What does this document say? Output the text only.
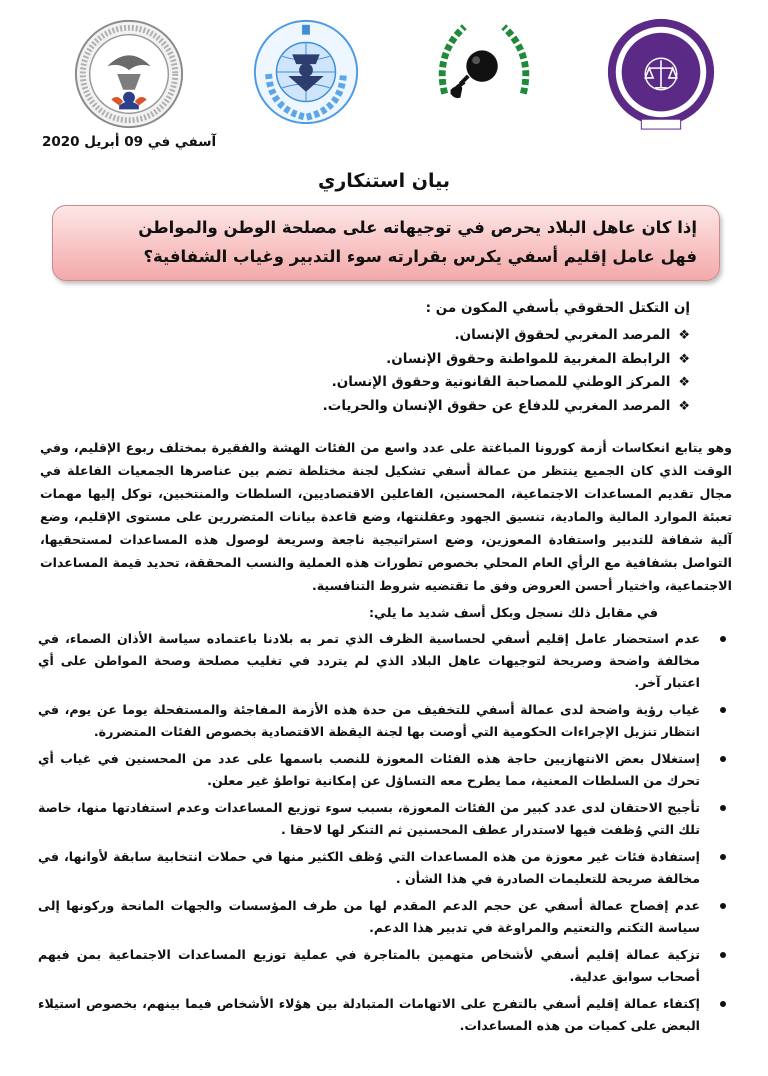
آسفي في 09 أبريل 2020
بيان استنكاري
إذا كان عاهل البلاد يحرص في توجيهاته على مصلحة الوطن والمواطن
فهل عامل إقليم أسفي يكرس بقرارته سوء التدبير وغياب الشفافية؟
إن التكتل الحقوقي بأسفي المكون من :
❖المرصد المغربي لحقوق الإنسان.
❖الرابطة المغربية للمواطنة وحقوق الإنسان.
❖المركز الوطني للمصاحبة القانونية وحقوق الإنسان.
❖المرصد المغربي للدفاع عن حقوق الإنسان والحريات.
وهو يتابع انعكاسات أزمة كورونا المباغتة على عدد واسع من الفئات الهشة والفقيرة بمختلف ربوع الإقليم، وفي الوقت الذي كان الجميع ينتظر من عمالة أسفي تشكيل لجنة مختلطة تضم بين عناصرها الجمعيات الفاعلة في مجال تقديم المساعدات الاجتماعية، المحسنين، الفاعلين الاقتصاديين، السلطات والمنتخبين، توكل إليها مهمات تعبئة الموارد المالية والمادية، تنسيق الجهود وعقلنتها، وضع قاعدة بيانات المتضررين على مستوى الإقليم، وضع آلية شفافة للتدبير واستفادة المعوزين، وضع استراتيجية ناجعة وسريعة لوصول هذه المساعدات لمستحقيها، التواصل بشفافية مع الرأي العام المحلي بخصوص تطورات هذه العملية والنسب المحققة، تحديد قيمة المساعدات الاجتماعية، واختيار أحسن العروض وفق ما تقتضيه شروط التنافسية.
في مقابل ذلك نسجل وبكل أسف شديد ما يلي:
عدم استحضار عامل إقليم أسفي لحساسية الظرف الذي تمر به بلادنا باعتماده سياسة الأذان الصماء، في مخالفة واضحة وصريحة لتوجيهات عاهل البلاد الذي لم يتردد في تغليب مصلحة وصحة المواطن على أي اعتبار آخر.
غياب رؤية واضحة لدى عمالة أسفي للتخفيف من حدة هذه الأزمة المفاجئة والمستفحلة يوما عن يوم، في انتظار تنزيل الإجراءات الحكومية التي أوصت بها لجنة اليقظة الاقتصادية بخصوص الفئات المتضررة.
إستغلال بعض الانتهازيين حاجة هذه الفئات المعوزة للنصب باسمها على عدد من المحسنين في غياب أي تحرك من السلطات المعنية، مما يطرح معه التساؤل عن إمكانية تواطؤ غير معلن.
تأجيج الاحتقان لدى عدد كبير من الفئات المعوزة، بسبب سوء توزيع المساعدات وعدم استفادتها منها، خاصة تلك التي وُظفت فيها لاستدرار عطف المحسنين ثم التنكر لها لاحقا .
إستفادة فئات غير معوزة من هذه المساعدات التي وُظف الكثير منها في حملات انتخابية سابقة لأوانها، في مخالفة صريحة للتعليمات الصادرة في هذا الشأن .
عدم إفصاح عمالة أسفي عن حجم الدعم المقدم لها من طرف المؤسسات والجهات المانحة وركونها إلى سياسة التكتم والتعتيم والمراوغة في تدبير هذا الدعم.
تزكية عمالة إقليم أسفي لأشخاص متهمين بالمتاجرة في عملية توزيع المساعدات الاجتماعية بمن فيهم أصحاب سوابق عدلية.
إكتفاء عمالة إقليم أسفي بالتفرج على الاتهامات المتبادلة بين هؤلاء الأشخاص فيما بينهم، بخصوص استيلاء البعض على كميات من هذه المساعدات.
